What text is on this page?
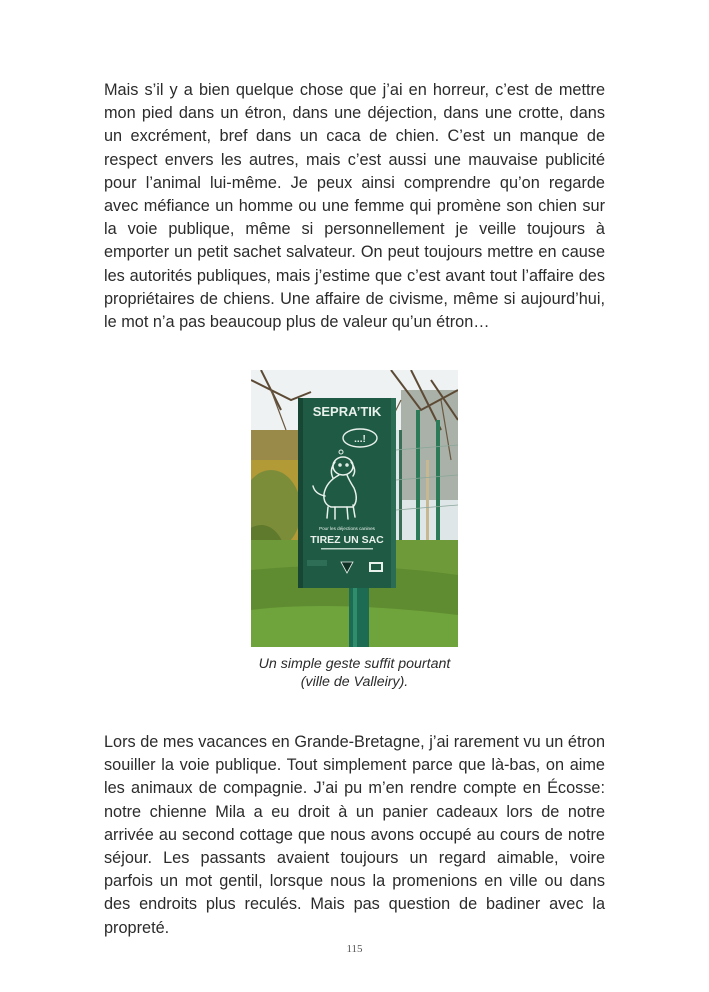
Mais s’il y a bien quelque chose que j’ai en horreur, c’est de mettre mon pied dans un étron, dans une déjection, dans une crotte, dans un excrément, bref dans un caca de chien. C’est un manque de respect envers les autres, mais c’est aussi une mauvaise publicité pour l’animal lui-même. Je peux ainsi comprendre qu’on regarde avec méfiance un homme ou une femme qui promène son chien sur la voie publique, même si personnellement je veille toujours à emporter un petit sachet salvateur. On peut toujours mettre en cause les autorités publiques, mais j’estime que c’est avant tout l’affaire des propriétaires de chiens. Une affaire de civisme, même si aujourd’hui, le mot n’a pas beaucoup plus de valeur qu’un étron…

SEPRA’TIK
...!
Pour les déjections canines
TIREZ UN SAC

Un simple geste suffit pourtant
(ville de Valleiry).

Lors de mes vacances en Grande-Bretagne, j’ai rarement vu un étron souiller la voie publique. Tout simplement parce que là-bas, on aime les animaux de compagnie. J’ai pu m’en rendre compte en Écosse: notre chienne Mila a eu droit à un panier cadeaux lors de notre arrivée au second cottage que nous avons occupé au cours de notre séjour. Les passants avaient toujours un regard aimable, voire parfois un mot gentil, lorsque nous la promenions en ville ou dans des endroits plus reculés. Mais pas question de badiner avec la propreté.

115
